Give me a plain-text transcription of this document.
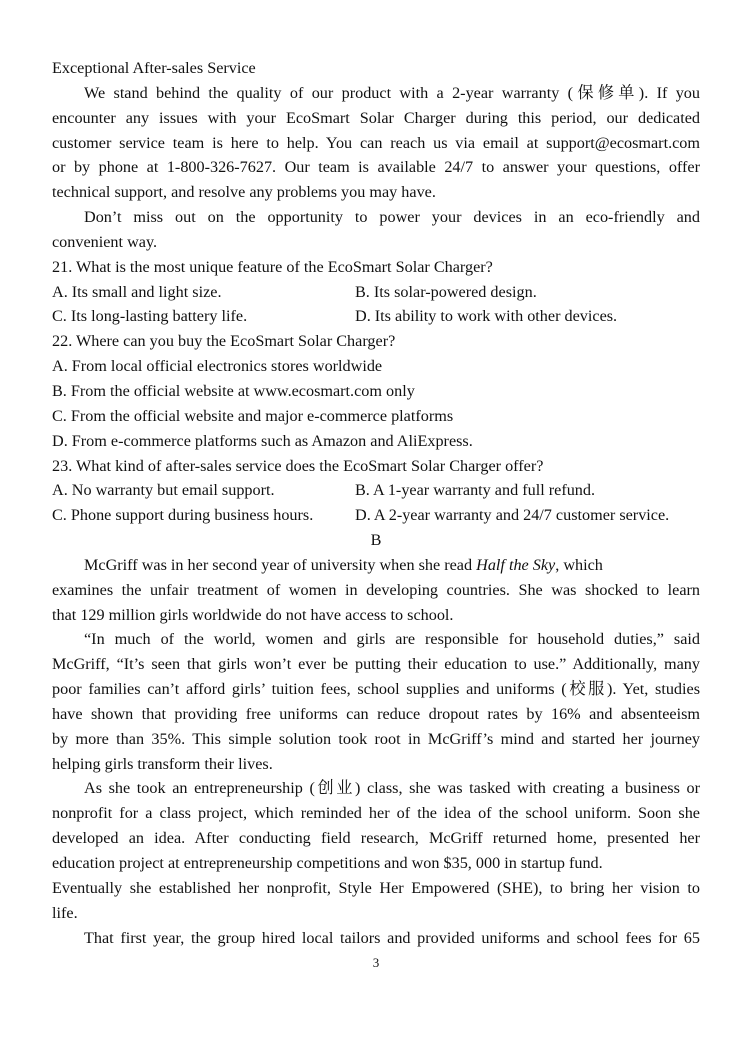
Exceptional After-sales Service
We stand behind the quality of our product with a 2-year warranty (保修单). If you
encounter any issues with your EcoSmart Solar Charger during this period, our dedicated
customer service team is here to help. You can reach us via email at support@ecosmart.com
or by phone at 1-800-326-7627. Our team is available 24/7 to answer your questions, offer
technical support, and resolve any problems you may have.
Don’t miss out on the opportunity to power your devices in an eco-friendly and
convenient way.
21. What is the most unique feature of the EcoSmart Solar Charger?
A. Its small and light size.	B. Its solar-powered design.
C. Its long-lasting battery life.	D. Its ability to work with other devices.
22. Where can you buy the EcoSmart Solar Charger?
A. From local official electronics stores worldwide
B. From the official website at www.ecosmart.com only
C. From the official website and major e-commerce platforms
D. From e-commerce platforms such as Amazon and AliExpress.
23. What kind of after-sales service does the EcoSmart Solar Charger offer?
A. No warranty but email support.	B. A 1-year warranty and full refund.
C. Phone support during business hours.	D. A 2-year warranty and 24/7 customer service.
B
McGriff was in her second year of university when she read Half the Sky, which
examines the unfair treatment of women in developing countries. She was shocked to learn
that 129 million girls worldwide do not have access to school.
“In much of the world, women and girls are responsible for household duties,” said
McGriff, “It’s seen that girls won’t ever be putting their education to use.” Additionally, many
poor families can’t afford girls’ tuition fees, school supplies and uniforms (校服). Yet, studies
have shown that providing free uniforms can reduce dropout rates by 16% and absenteeism
by more than 35%. This simple solution took root in McGriff’s mind and started her journey
helping girls transform their lives.
As she took an entrepreneurship (创业) class, she was tasked with creating a business or
nonprofit for a class project, which reminded her of the idea of the school uniform. Soon she
developed an idea. After conducting field research, McGriff returned home, presented her
education project at entrepreneurship competitions and won $35, 000 in startup fund.
Eventually she established her nonprofit, Style Her Empowered (SHE), to bring her vision to
life.
That first year, the group hired local tailors and provided uniforms and school fees for 65
3
